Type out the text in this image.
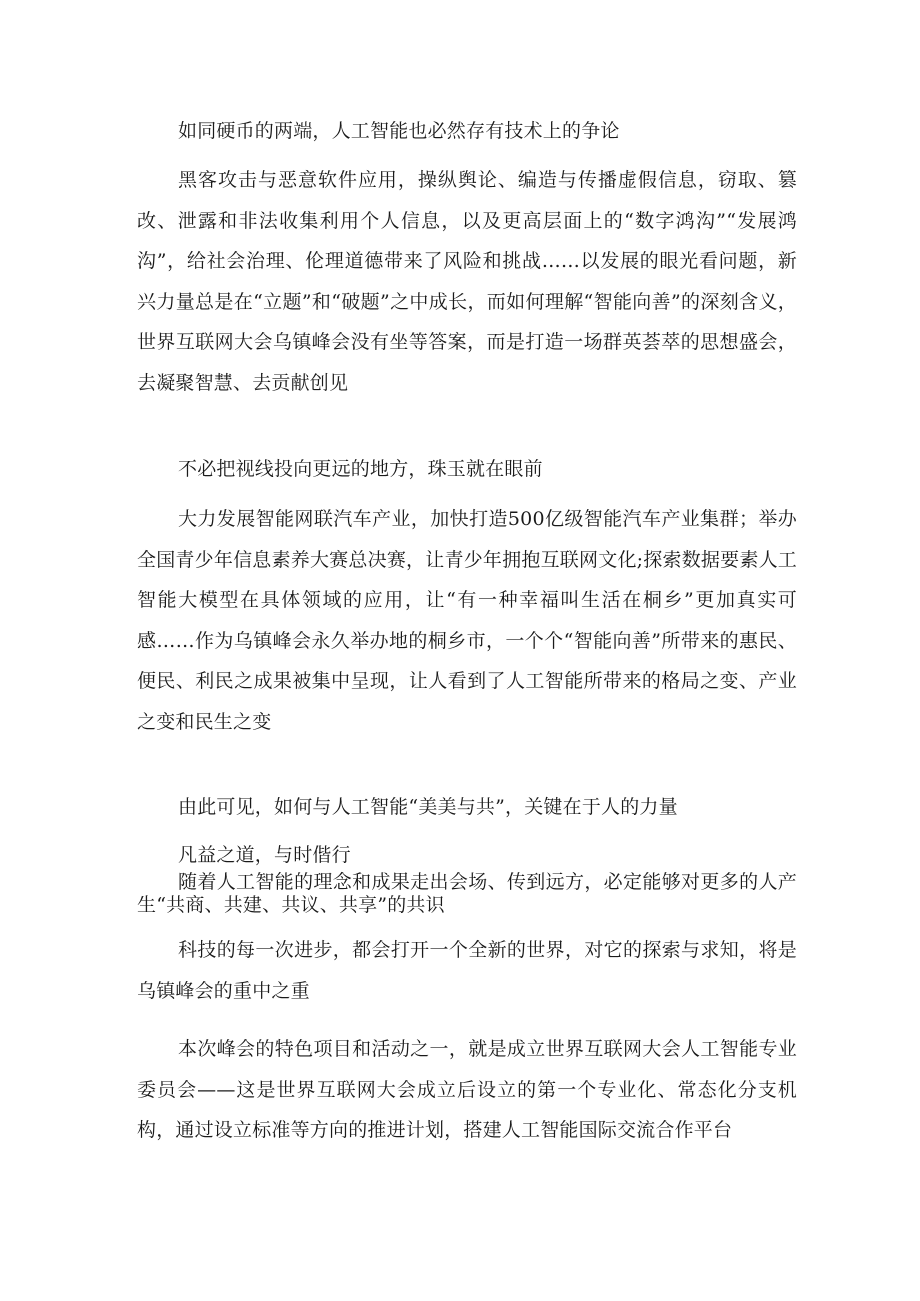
如同硬币的两端，人工智能也必然存有技术上的争论

黑客攻击与恶意软件应用，操纵舆论、编造与传播虚假信息，窃取、篡改、泄露和非法收集利用个人信息，以及更高层面上的“数字鸿沟”“发展鸿沟”，给社会治理、伦理道德带来了风险和挑战……以发展的眼光看问题，新兴力量总是在“立题”和“破题”之中成长，而如何理解“智能向善”的深刻含义，世界互联网大会乌镇峰会没有坐等答案，而是打造一场群英荟萃的思想盛会，去凝聚智慧、去贡献创见

不必把视线投向更远的地方，珠玉就在眼前

大力发展智能网联汽车产业，加快打造500亿级智能汽车产业集群；举办全国青少年信息素养大赛总决赛，让青少年拥抱互联网文化;探索数据要素人工智能大模型在具体领域的应用，让“有一种幸福叫生活在桐乡”更加真实可感……作为乌镇峰会永久举办地的桐乡市，一个个“智能向善”所带来的惠民、便民、利民之成果被集中呈现，让人看到了人工智能所带来的格局之变、产业之变和民生之变

由此可见，如何与人工智能“美美与共”，关键在于人的力量

凡益之道，与时偕行

随着人工智能的理念和成果走出会场、传到远方，必定能够对更多的人产生“共商、共建、共议、共享”的共识

科技的每一次进步，都会打开一个全新的世界，对它的探索与求知，将是乌镇峰会的重中之重

本次峰会的特色项目和活动之一，就是成立世界互联网大会人工智能专业委员会——这是世界互联网大会成立后设立的第一个专业化、常态化分支机构，通过设立标准等方向的推进计划，搭建人工智能国际交流合作平台
